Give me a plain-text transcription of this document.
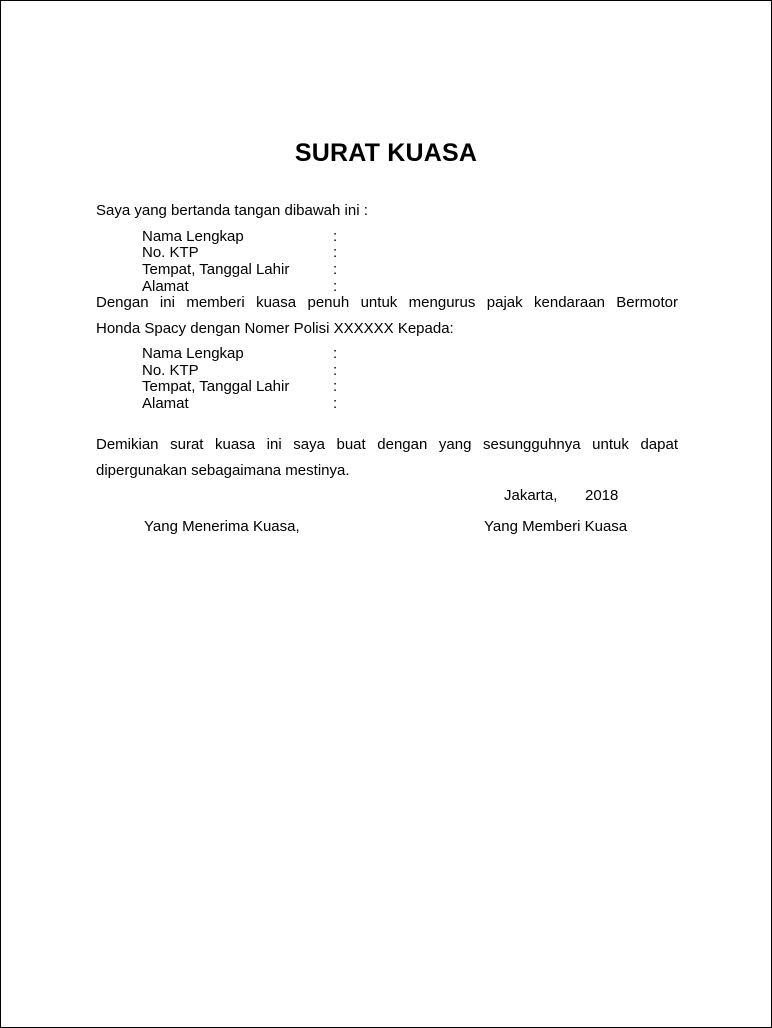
SURAT KUASA
Saya yang bertanda tangan dibawah ini :
Nama Lengkap	:
No. KTP	:
Tempat, Tanggal Lahir	:
Alamat	:
Dengan ini memberi kuasa penuh untuk mengurus pajak kendaraan Bermotor
Honda Spacy dengan Nomer Polisi XXXXXX Kepada:
Nama Lengkap	:
No. KTP	:
Tempat, Tanggal Lahir	:
Alamat	:
Demikian surat kuasa ini saya buat dengan yang sesungguhnya untuk dapat
dipergunakan sebagaimana mestinya.
Jakarta, 2018
Yang Menerima Kuasa,	Yang Memberi Kuasa
